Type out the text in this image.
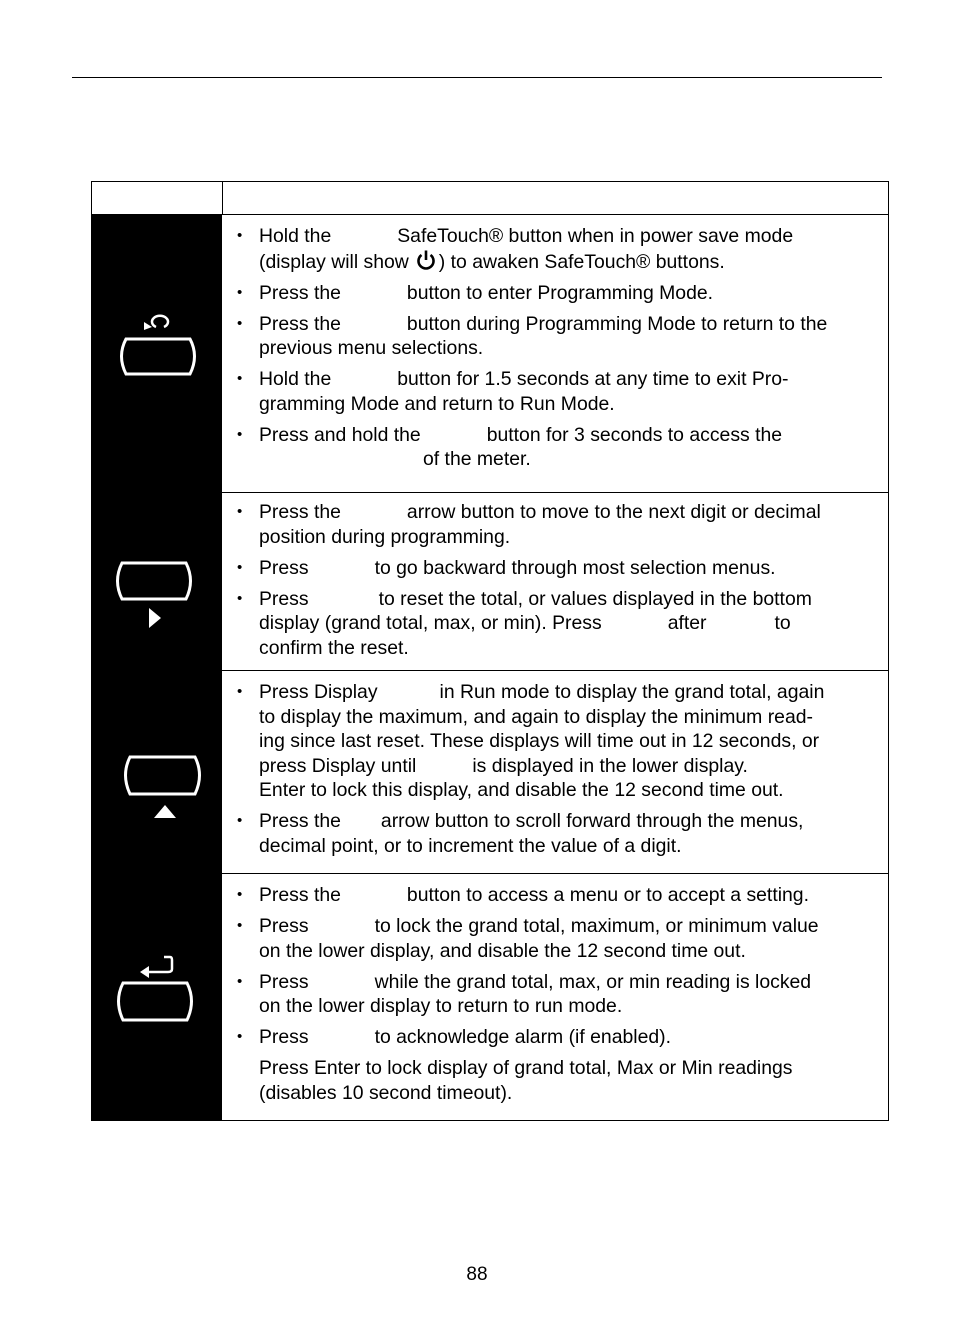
• Hold the	SafeTouch® button when in power save mode
(display will show ) to awaken SafeTouch® buttons.
• Press the	button to enter Programming Mode.
• Press the	button during Programming Mode to return to the
previous menu selections.
• Hold the	button for 1.5 seconds at any time to exit Pro-
gramming Mode and return to Run Mode.
• Press and hold the	button for 3 seconds to access the
of the meter.
• Press the	arrow button to move to the next digit or decimal
position during programming.
• Press	to go backward through most selection menus.
• Press	to reset the total, or values displayed in the bottom
display (grand total, max, or min). Press	after	to
confirm the reset.
• Press Display	in Run mode to display the grand total, again
to display the maximum, and again to display the minimum read-
ing since last reset. These displays will time out in 12 seconds, or
press Display until	is displayed in the lower display.
Enter to lock this display, and disable the 12 second time out.
• Press the arrow button to scroll forward through the menus,
decimal point, or to increment the value of a digit.
• Press the	button to access a menu or to accept a setting.
• Press	to lock the grand total, maximum, or minimum value
on the lower display, and disable the 12 second time out.
• Press	while the grand total, max, or min reading is locked
on the lower display to return to run mode.
• Press	to acknowledge alarm (if enabled).
Press Enter to lock display of grand total, Max or Min readings
(disables 10 second timeout).
88
